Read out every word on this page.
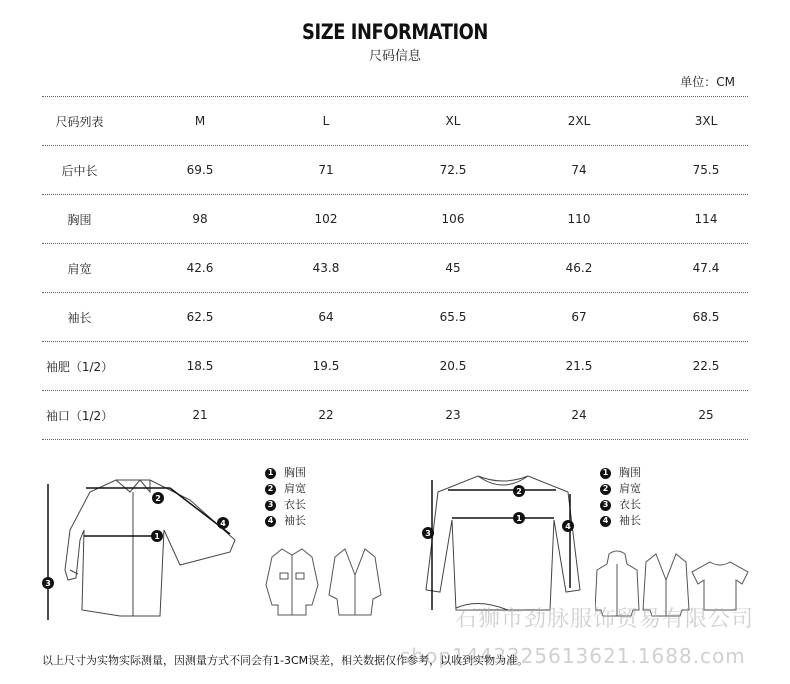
SIZE INFORMATION
尺码信息
单位：CM
尺码列表	M	L	XL	2XL	3XL
后中长	69.5	71	72.5	74	75.5
胸围	98	102	106	110	114
肩宽	42.6	43.8	45	46.2	47.4
袖长	62.5	64	65.5	67	68.5
袖肥（1/2）	18.5	19.5	20.5	21.5	22.5
袖口（1/2）	21	22	23	24	25
1
2
3
4
1 胸围
2 肩宽
3 衣长
4 袖长	1
2
3
4
1 胸围
2 肩宽
3 衣长
4 袖长
石狮市劲脉服饰贸易有限公司
shop1443325613621.1688.com
以上尺寸为实物实际测量，因测量方式不同会有1-3CM误差，相关数据仅作参考，以收到实物为准。
